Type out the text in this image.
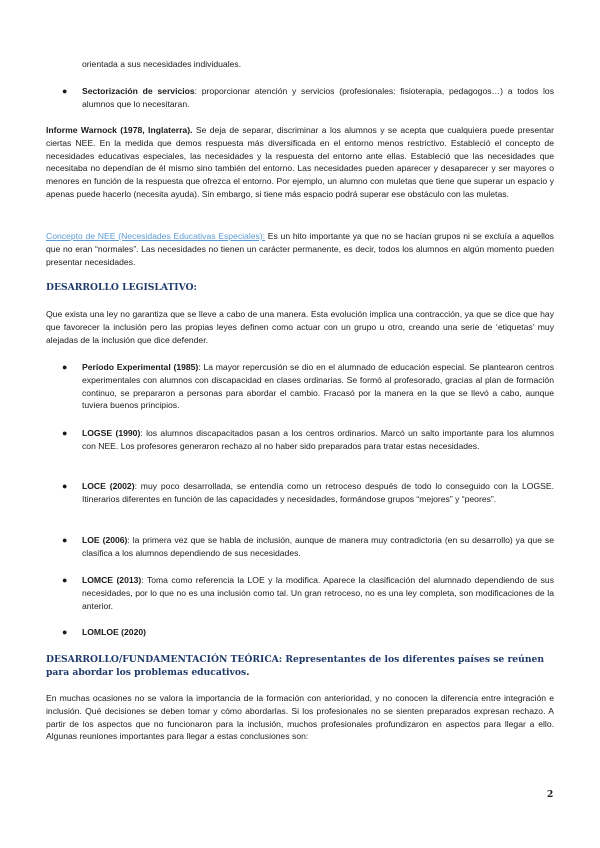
orientada a sus necesidades individuales.

● Sectorización de servicios: proporcionar atención y servicios (profesionales: fisioterapia, pedagogos…) a todos los alumnos que lo necesitaran.

Informe Warnock (1978, Inglaterra). Se deja de separar, discriminar a los alumnos y se acepta que cualquiera puede presentar ciertas NEE. En la medida que demos respuesta más diversificada en el entorno menos restrictivo. Estableció el concepto de necesidades educativas especiales, las necesidades y la respuesta del entorno ante ellas. Estableció que las necesidades que necesitaba no dependían de él mismo sino también del entorno. Las necesidades pueden aparecer y desaparecer y ser mayores o menores en función de la respuesta que ofrezca el entorno. Por ejemplo, un alumno con muletas que tiene que superar un espacio y apenas puede hacerlo (necesita ayuda). Sin embargo, si tiene más espacio podrá superar ese obstáculo con las muletas.

Concepto de NEE (Necesidades Educativas Especiales): Es un hito importante ya que no se hacían grupos ni se excluía a aquellos que no eran “normales”. Las necesidades no tienen un carácter permanente, es decir, todos los alumnos en algún momento pueden presentar necesidades.

DESARROLLO LEGISLATIVO:

Que exista una ley no garantiza que se lleve a cabo de una manera. Esta evolución implica una contracción, ya que se dice que hay que favorecer la inclusión pero las propias leyes definen como actuar con un grupo u otro, creando una serie de ‘etiquetas’ muy alejadas de la inclusión que dice defender.

● Período Experimental (1985): La mayor repercusión se dio en el alumnado de educación especial. Se plantearon centros experimentales con alumnos con discapacidad en clases ordinarias. Se formó al profesorado, gracias al plan de formación continuo, se prepararon a personas para abordar el cambio. Fracasó por la manera en la que se llevó a cabo, aunque tuviera buenos principios.

● LOGSE (1990): los alumnos discapacitados pasan a los centros ordinarios. Marcó un salto importante para los alumnos con NEE. Los profesores generaron rechazo al no haber sido preparados para tratar estas necesidades.

● LOCE (2002): muy poco desarrollada, se entendía como un retroceso después de todo lo conseguido con la LOGSE. Itinerarios diferentes en función de las capacidades y necesidades, formándose grupos “mejores” y “peores”.

● LOE (2006): la primera vez que se habla de inclusión, aunque de manera muy contradictoria (en su desarrollo) ya que se clasifica a los alumnos dependiendo de sus necesidades.

● LOMCE (2013): Toma como referencia la LOE y la modifica. Aparece la clasificación del alumnado dependiendo de sus necesidades, por lo que no es una inclusión como tal. Un gran retroceso, no es una ley completa, son modificaciones de la anterior.

● LOMLOE (2020)

DESARROLLO/FUNDAMENTACIÓN TEÓRICA: Representantes de los diferentes países se reúnen para abordar los problemas educativos.

En muchas ocasiones no se valora la importancia de la formación con anterioridad, y no conocen la diferencia entre integración e inclusión. Qué decisiones se deben tomar y cómo abordarlas. Si los profesionales no se sienten preparados expresan rechazo. A partir de los aspectos que no funcionaron para la inclusión, muchos profesionales profundizaron en aspectos para llegar a ello. Algunas reuniones importantes para llegar a estas conclusiones son:

2
